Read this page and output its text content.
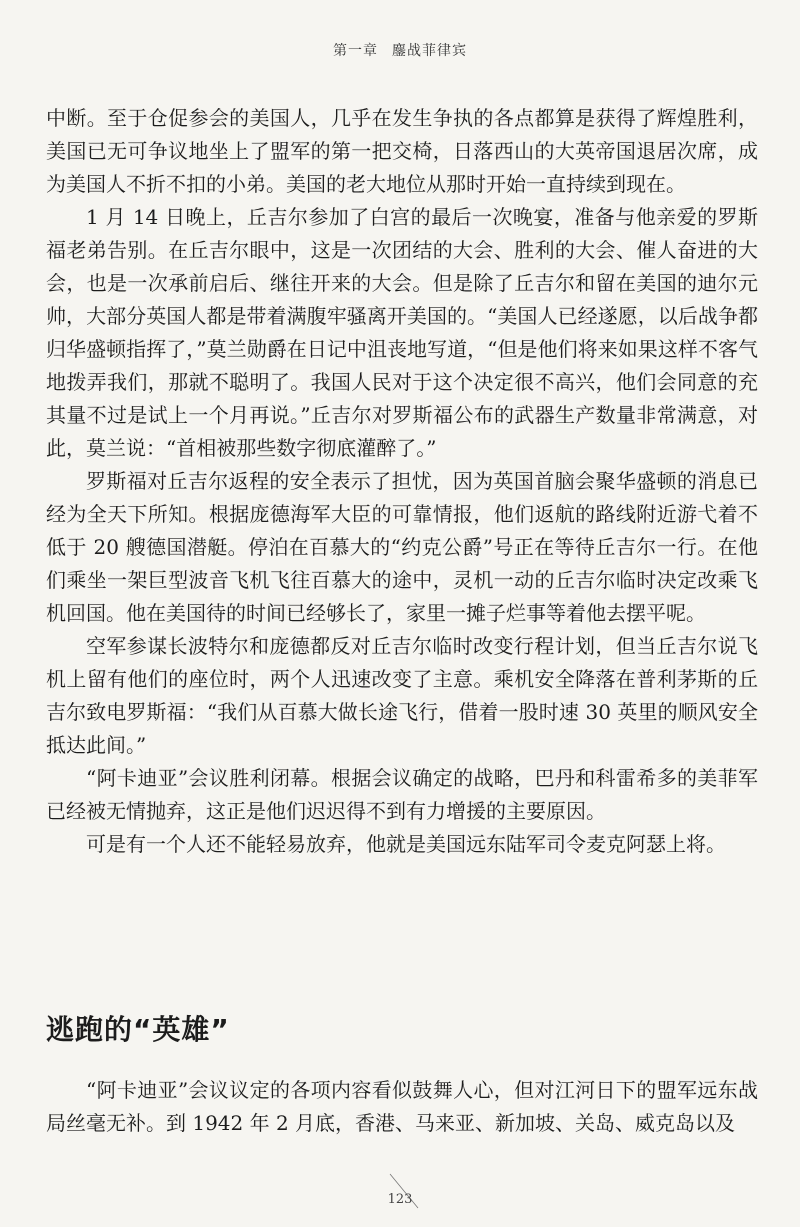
第一章 鏖战菲律宾

中断。至于仓促参会的美国人，几乎在发生争执的各点都算是获得了辉煌胜利，美国已无可争议地坐上了盟军的第一把交椅，日落西山的大英帝国退居次席，成为美国人不折不扣的小弟。美国的老大地位从那时开始一直持续到现在。

1 月 14 日晚上，丘吉尔参加了白宫的最后一次晚宴，准备与他亲爱的罗斯福老弟告别。在丘吉尔眼中，这是一次团结的大会、胜利的大会、催人奋进的大会，也是一次承前启后、继往开来的大会。但是除了丘吉尔和留在美国的迪尔元帅，大部分英国人都是带着满腹牢骚离开美国的。“美国人已经遂愿，以后战争都归华盛顿指挥了，”莫兰勋爵在日记中沮丧地写道，“但是他们将来如果这样不客气地拨弄我们，那就不聪明了。我国人民对于这个决定很不高兴，他们会同意的充其量不过是试上一个月再说。”丘吉尔对罗斯福公布的武器生产数量非常满意，对此，莫兰说：“首相被那些数字彻底灌醉了。”

罗斯福对丘吉尔返程的安全表示了担忧，因为英国首脑会聚华盛顿的消息已经为全天下所知。根据庞德海军大臣的可靠情报，他们返航的路线附近游弋着不低于 20 艘德国潜艇。停泊在百慕大的“约克公爵”号正在等待丘吉尔一行。在他们乘坐一架巨型波音飞机飞往百慕大的途中，灵机一动的丘吉尔临时决定改乘飞机回国。他在美国待的时间已经够长了，家里一摊子烂事等着他去摆平呢。

空军参谋长波特尔和庞德都反对丘吉尔临时改变行程计划，但当丘吉尔说飞机上留有他们的座位时，两个人迅速改变了主意。乘机安全降落在普利茅斯的丘吉尔致电罗斯福：“我们从百慕大做长途飞行，借着一股时速 30 英里的顺风安全抵达此间。”

“阿卡迪亚”会议胜利闭幕。根据会议确定的战略，巴丹和科雷希多的美菲军已经被无情抛弃，这正是他们迟迟得不到有力增援的主要原因。

可是有一个人还不能轻易放弃，他就是美国远东陆军司令麦克阿瑟上将。

逃跑的“英雄”

“阿卡迪亚”会议议定的各项内容看似鼓舞人心，但对江河日下的盟军远东战局丝毫无补。到 1942 年 2 月底，香港、马来亚、新加坡、关岛、威克岛以及

123
